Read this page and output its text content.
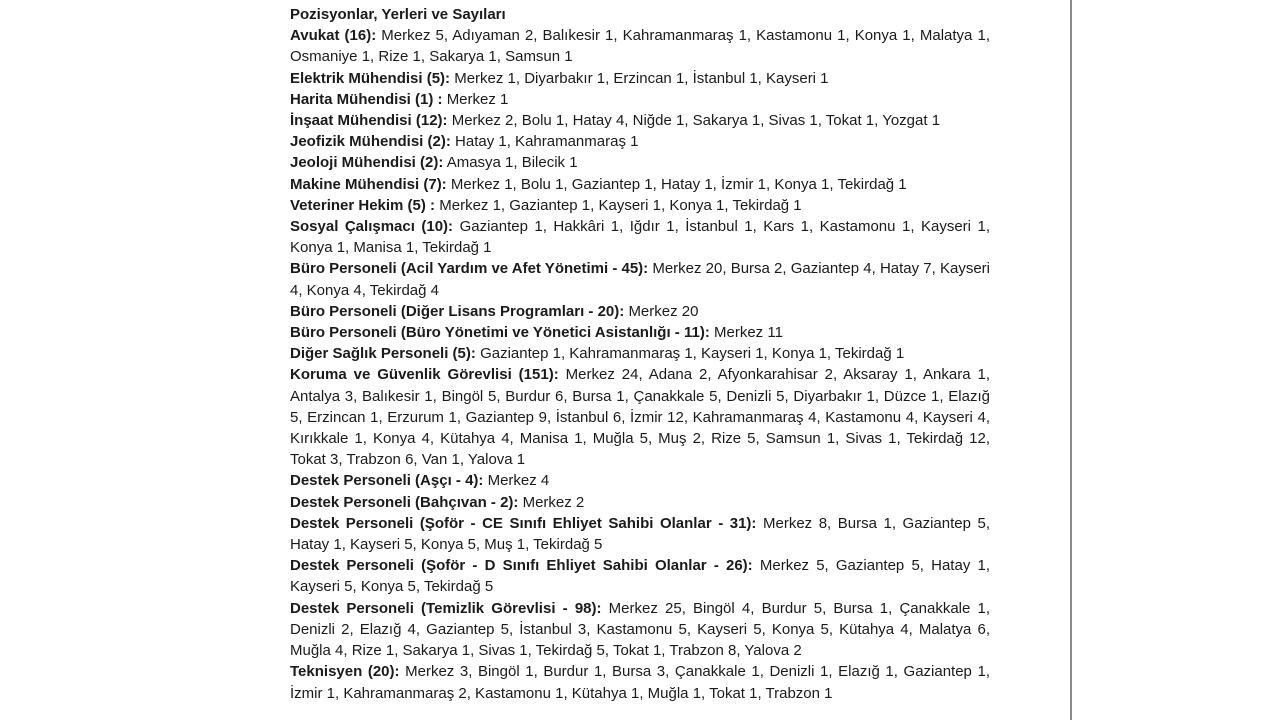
Pozisyonlar, Yerleri ve Sayıları

Avukat (16): Merkez 5, Adıyaman 2, Balıkesir 1, Kahramanmaraş 1, Kastamonu 1, Konya 1, Malatya 1, Osmaniye 1, Rize 1, Sakarya 1, Samsun 1

Elektrik Mühendisi (5): Merkez 1, Diyarbakır 1, Erzincan 1, İstanbul 1, Kayseri 1

Harita Mühendisi (1) : Merkez 1

İnşaat Mühendisi (12): Merkez 2, Bolu 1, Hatay 4, Niğde 1, Sakarya 1, Sivas 1, Tokat 1, Yozgat 1

Jeofizik Mühendisi (2): Hatay 1, Kahramanmaraş 1

Jeoloji Mühendisi (2): Amasya 1, Bilecik 1

Makine Mühendisi (7): Merkez 1, Bolu 1, Gaziantep 1, Hatay 1, İzmir 1, Konya 1, Tekirdağ 1

Veteriner Hekim (5) : Merkez 1, Gaziantep 1, Kayseri 1, Konya 1, Tekirdağ 1

Sosyal Çalışmacı (10): Gaziantep 1, Hakkâri 1, Iğdır 1, İstanbul 1, Kars 1, Kastamonu 1, Kayseri 1, Konya 1, Manisa 1, Tekirdağ 1

Büro Personeli (Acil Yardım ve Afet Yönetimi - 45): Merkez 20, Bursa 2, Gaziantep 4, Hatay 7, Kayseri 4, Konya 4, Tekirdağ 4

Büro Personeli (Diğer Lisans Programları - 20): Merkez 20

Büro Personeli (Büro Yönetimi ve Yönetici Asistanlığı - 11): Merkez 11

Diğer Sağlık Personeli (5): Gaziantep 1, Kahramanmaraş 1, Kayseri 1, Konya 1, Tekirdağ 1

Koruma ve Güvenlik Görevlisi (151): Merkez 24, Adana 2, Afyonkarahisar 2, Aksaray 1, Ankara 1, Antalya 3, Balıkesir 1, Bingöl 5, Burdur 6, Bursa 1, Çanakkale 5, Denizli 5, Diyarbakır 1, Düzce 1, Elazığ 5, Erzincan 1, Erzurum 1, Gaziantep 9, İstanbul 6, İzmir 12, Kahramanmaraş 4, Kastamonu 4, Kayseri 4, Kırıkkale 1, Konya 4, Kütahya 4, Manisa 1, Muğla 5, Muş 2, Rize 5, Samsun 1, Sivas 1, Tekirdağ 12, Tokat 3, Trabzon 6, Van 1, Yalova 1

Destek Personeli (Aşçı - 4): Merkez 4

Destek Personeli (Bahçıvan - 2): Merkez 2

Destek Personeli (Şoför - CE Sınıfı Ehliyet Sahibi Olanlar - 31): Merkez 8, Bursa 1, Gaziantep 5, Hatay 1, Kayseri 5, Konya 5, Muş 1, Tekirdağ 5

Destek Personeli (Şoför - D Sınıfı Ehliyet Sahibi Olanlar - 26): Merkez 5, Gaziantep 5, Hatay 1, Kayseri 5, Konya 5, Tekirdağ 5

Destek Personeli (Temizlik Görevlisi - 98): Merkez 25, Bingöl 4, Burdur 5, Bursa 1, Çanakkale 1, Denizli 2, Elazığ 4, Gaziantep 5, İstanbul 3, Kastamonu 5, Kayseri 5, Konya 5, Kütahya 4, Malatya 6, Muğla 4, Rize 1, Sakarya 1, Sivas 1, Tekirdağ 5, Tokat 1, Trabzon 8, Yalova 2

Teknisyen (20): Merkez 3, Bingöl 1, Burdur 1, Bursa 3, Çanakkale 1, Denizli 1, Elazığ 1, Gaziantep 1, İzmir 1, Kahramanmaraş 2, Kastamonu 1, Kütahya 1, Muğla 1, Tokat 1, Trabzon 1
